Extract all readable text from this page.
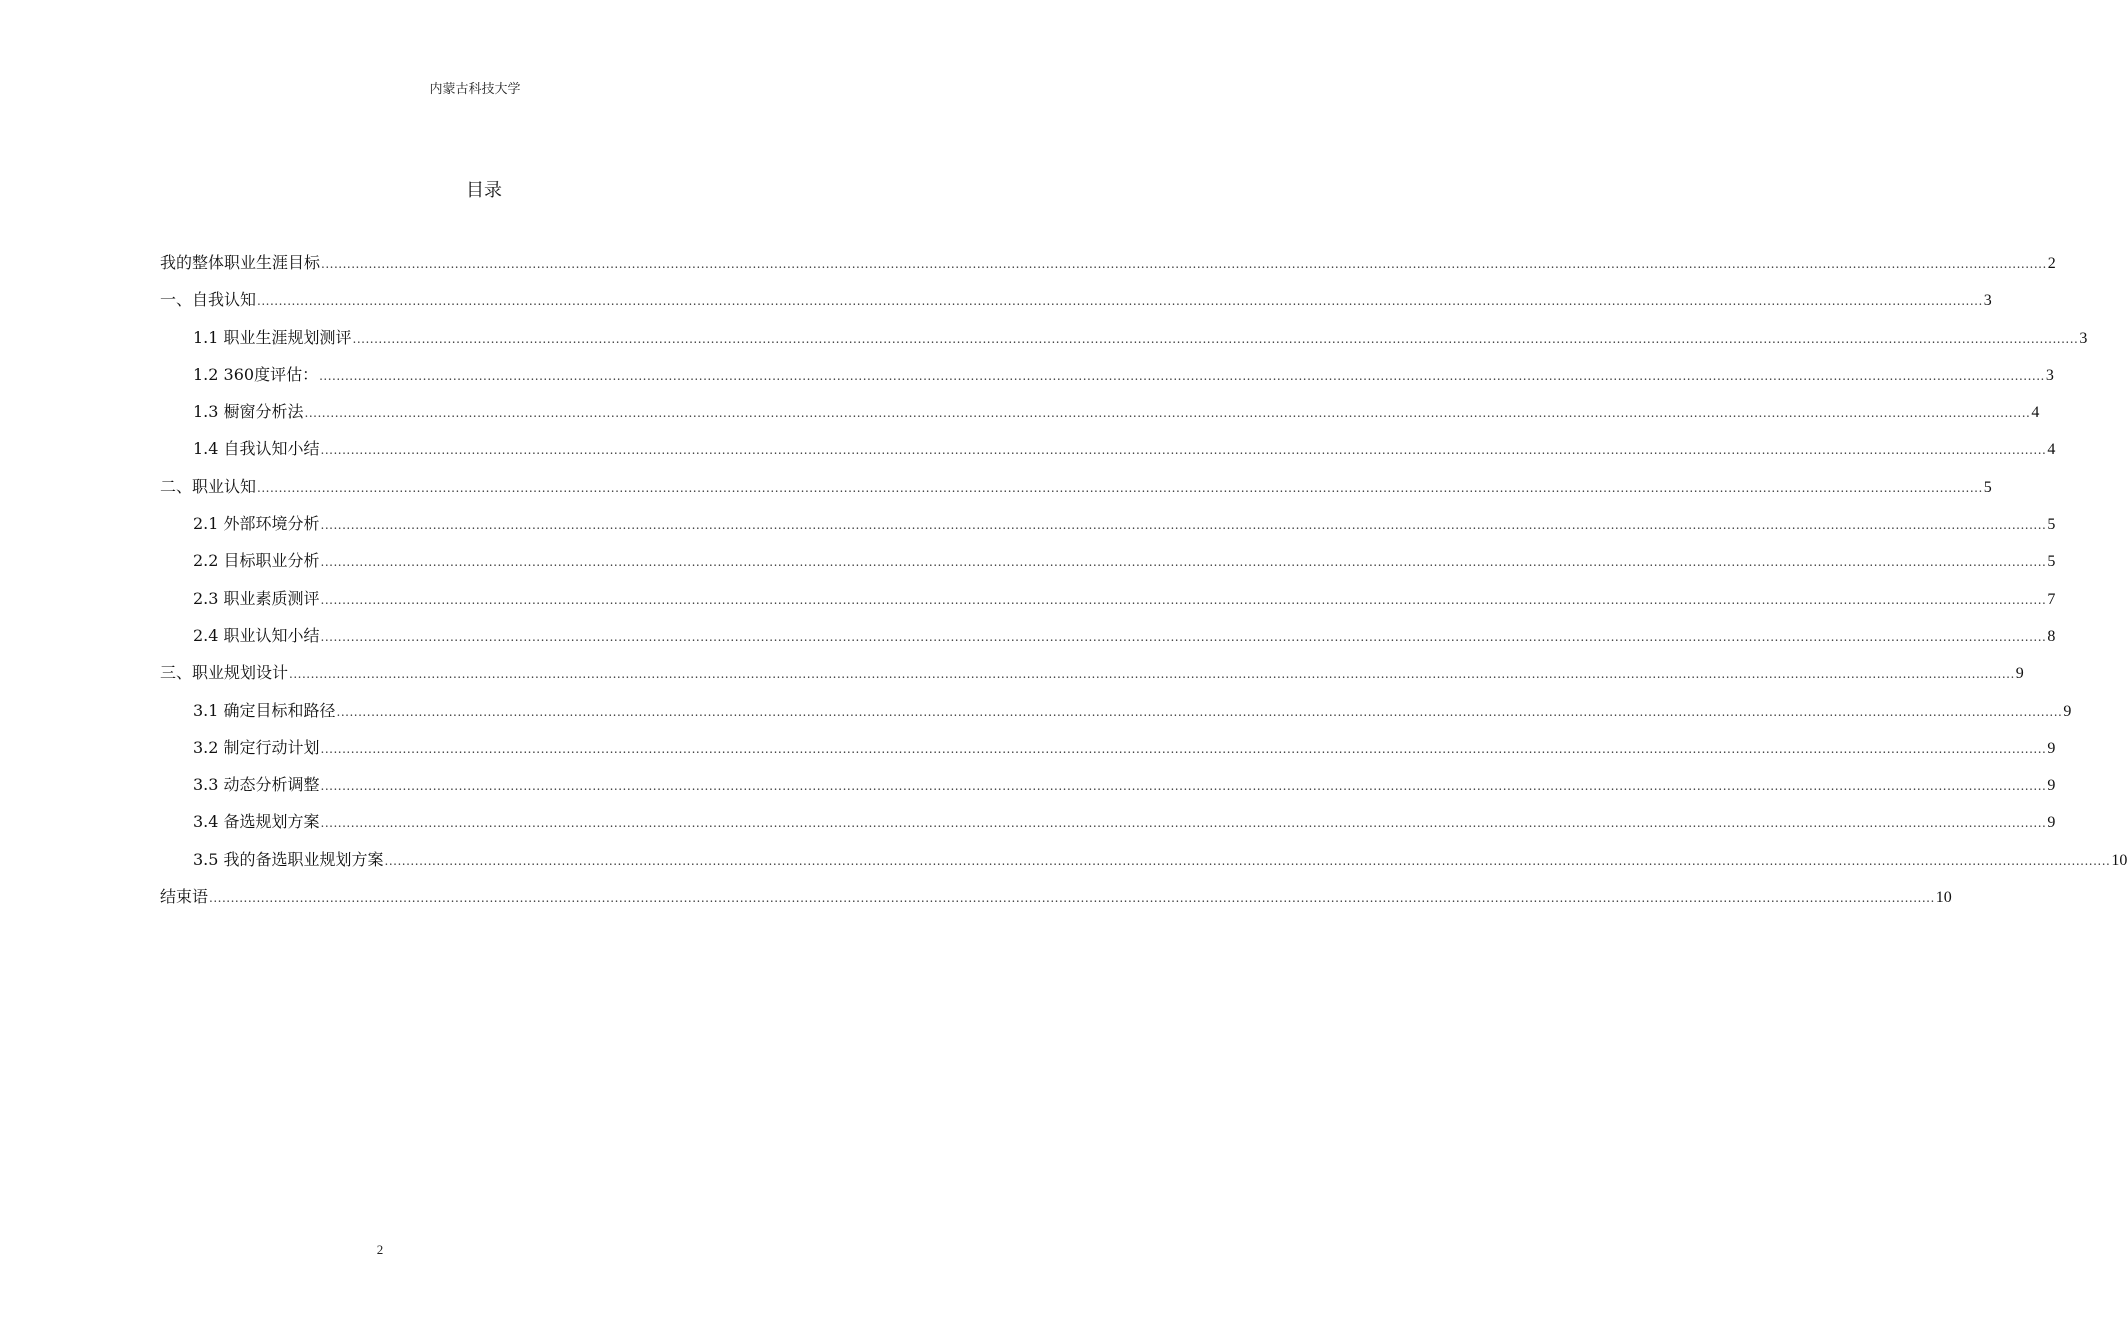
内蒙古科技大学
目录
我的整体职业生涯目标 ................................................................................................................................................................................................................................................................................................................................................................................................................ 2
一、自我认知 ................................................................................................................................................................................................................................................................................................................................................................................................................ 3
1.1 职业生涯规划测评 ................................................................................................................................................................................................................................................................................................................................................................................................................ 3
1.2 360度评估： ................................................................................................................................................................................................................................................................................................................................................................................................................ 3
1.3 橱窗分析法 ................................................................................................................................................................................................................................................................................................................................................................................................................ 4
1.4 自我认知小结 ................................................................................................................................................................................................................................................................................................................................................................................................................ 4
二、职业认知 ................................................................................................................................................................................................................................................................................................................................................................................................................ 5
2.1 外部环境分析 ................................................................................................................................................................................................................................................................................................................................................................................................................ 5
2.2 目标职业分析 ................................................................................................................................................................................................................................................................................................................................................................................................................ 5
2.3 职业素质测评 ................................................................................................................................................................................................................................................................................................................................................................................................................ 7
2.4 职业认知小结 ................................................................................................................................................................................................................................................................................................................................................................................................................ 8
三、职业规划设计 ................................................................................................................................................................................................................................................................................................................................................................................................................ 9
3.1 确定目标和路径 ................................................................................................................................................................................................................................................................................................................................................................................................................ 9
3.2 制定行动计划 ................................................................................................................................................................................................................................................................................................................................................................................................................ 9
3.3 动态分析调整 ................................................................................................................................................................................................................................................................................................................................................................................................................ 9
3.4 备选规划方案 ................................................................................................................................................................................................................................................................................................................................................................................................................ 9
3.5 我的备选职业规划方案 ................................................................................................................................................................................................................................................................................................................................................................................................................ 10
结束语 ................................................................................................................................................................................................................................................................................................................................................................................................................ 10
2
